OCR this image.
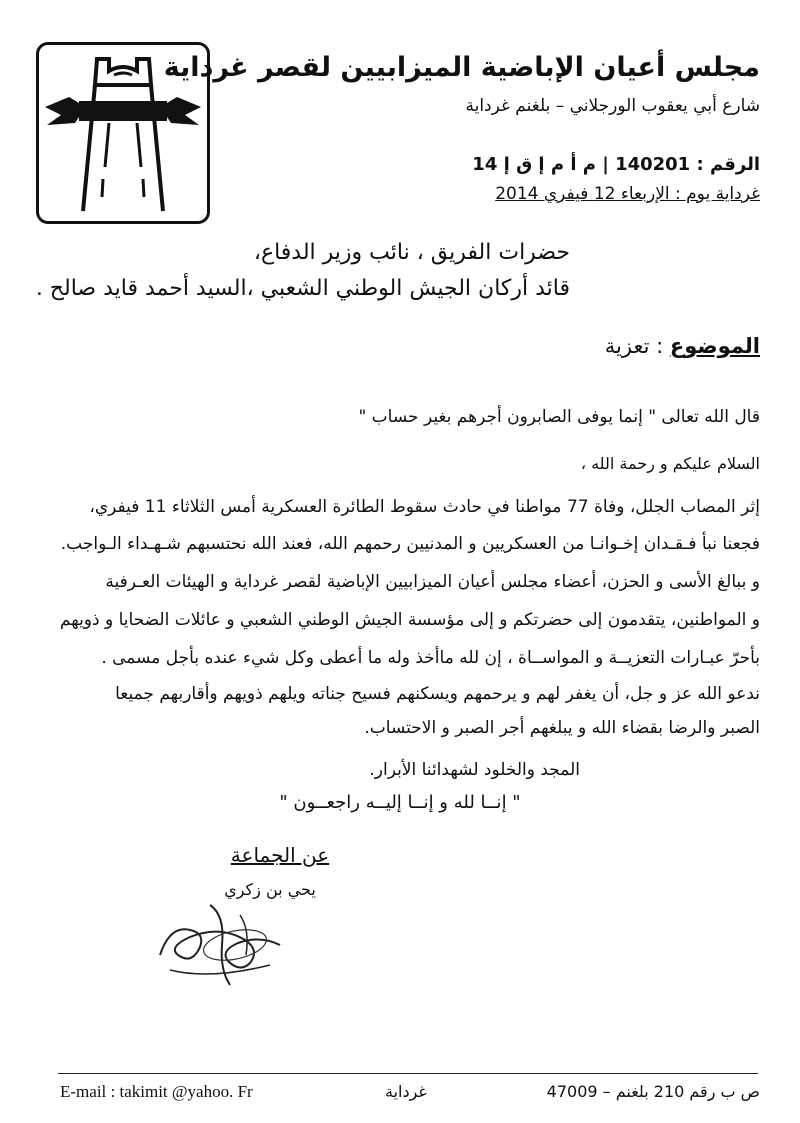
مجلس أعيان الإباضية الميزابيين لقصر غرداية
شارع أبي يعقوب الورجلاني – بلغنم غرداية
الرقم : 140201 | م أ م إ ق إ 14
غرداية يوم : الإربعاء 12 فيفري 2014
حضرات الفريق ، نائب وزير الدفاع،
قائد أركان الجيش الوطني الشعبي ،السيد أحمد قايد صالح .
الموضوع : تعزية
قال الله تعالى " إنما يوفى الصابرون أجرهم بغير حساب "
السلام عليكم و رحمة الله ،
إثر المصاب الجلل، وفاة 77 مواطنا في حادث سقوط الطائرة العسكرية أمس الثلاثاء 11 فيفري،
فجعنا نبأ فـقـدان إخـوانـا من العسكريين و المدنيين رحمهم الله، فعند الله نحتسبهم شـهـداء الـواجب.
و ببالغ الأسى و الحزن، أعضاء مجلس أعيان الميزابيين الإباضية لقصر غرداية و الهيئات العـرفية
و المواطنين، يتقدمون إلى حضرتكم و إلى مؤسسة الجيش الوطني الشعبي و عائلات الضحايا و ذويهم
بأحرّ عبـارات التعزيــة و المواســاة ، إن لله ماأخذ وله ما أعطى وكل شيء عنده بأجل مسمى .
ندعو الله عز و جل، أن يغفر لهم و يرحمهم ويسكنهم فسيح جناته ويلهم ذويهم وأقاربهم جميعا
الصبر والرضا بقضاء الله و يبلغهم أجر الصبر و الاحتساب.
المجد والخلود لشهدائنا الأبرار.
" إنــا لله و إنــا إليــه راجعــون "
عن الجماعة
يحي بن زكري
E-mail : takimit @yahoo. Fr	غرداية	ص ب رقم 210 بلغنم – 47009
